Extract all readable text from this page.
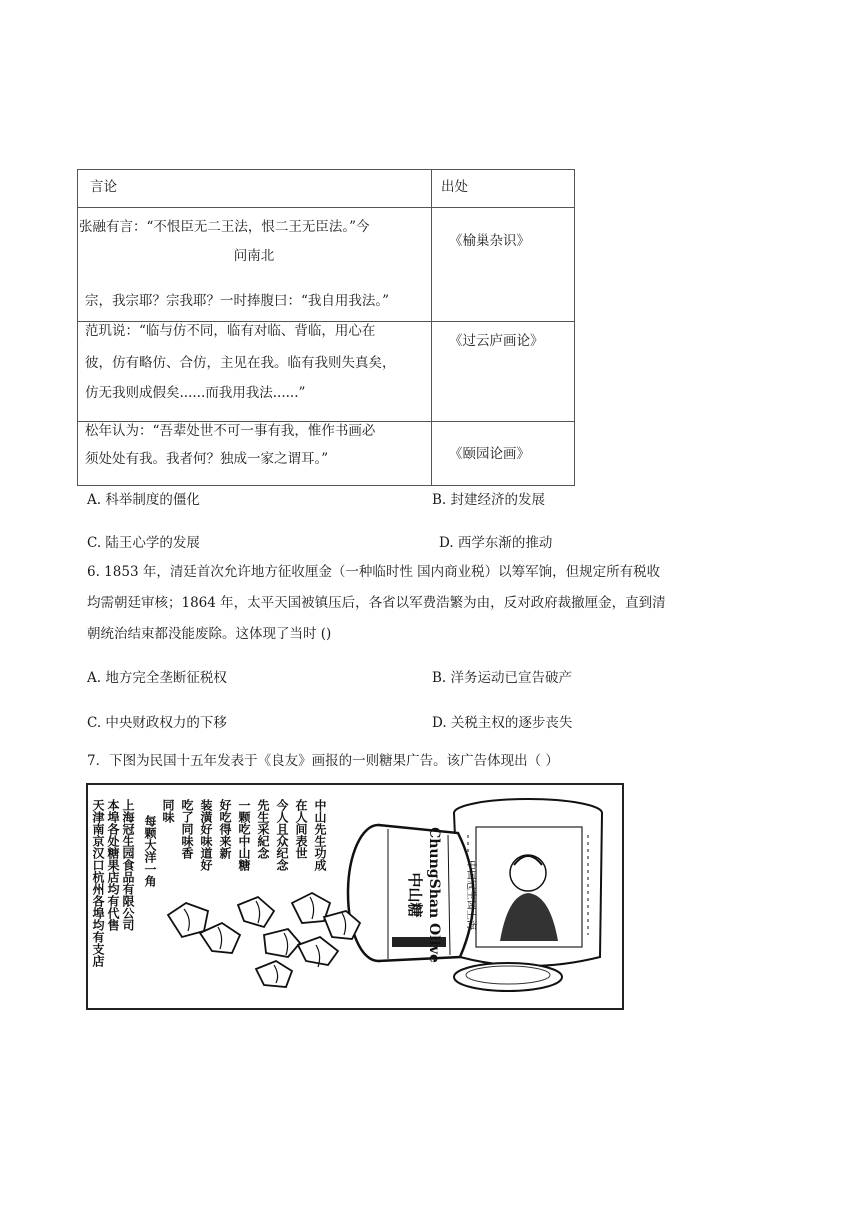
言论	出处
张融有言：“不恨臣无二王法，恨二王无臣法。”今
问南北
宗，我宗耶？宗我耶？一时捧腹曰：“我自用我法。”
《榆巢杂识》
范玑说：“临与仿不同，临有对临、背临，用心在
彼，仿有略仿、合仿，主见在我。临有我则失真矣，
仿无我则成假矣......而我用我法......”
《过云庐画论》
松年认为：“吾辈处世不可一事有我，惟作书画必
须处处有我。我者何？独成一家之谓耳。”	《颐园论画》
A. 科举制度的僵化	B. 封建经济的发展
C. 陆王心学的发展	D. 西学东渐的推动
6. 1853 年，清廷首次允许地方征收厘金（一种临时性 国内商业税）以筹军饷，但规定所有税收
均需朝廷审核；1864 年，太平天国被镇压后，各省以军费浩繁为由，反对政府裁撤厘金，直到清
朝统治结束都没能废除。这体现了当时 ()
A. 地方完全垄断征税权	B. 洋务运动已宣告破产
C. 中央财政权力的下移	D. 关税主权的逐步丧失
7．下图为民国十五年发表于《良友》画报的一则糖果广告。该广告体现出（ ）
中山先生功成
在人间表世
今人且众纪念
先生采紀念
一颗吃中山糖
好吃得来新
装潢好味道好
吃了同味香
同味
每颗大洋一角
上海冠生园食品有限公司
本埠各处糖果店均有代售
天津南京汉口杭州各埠均有支店	中山糖 ChungShan Olive 中国冠生园上海
